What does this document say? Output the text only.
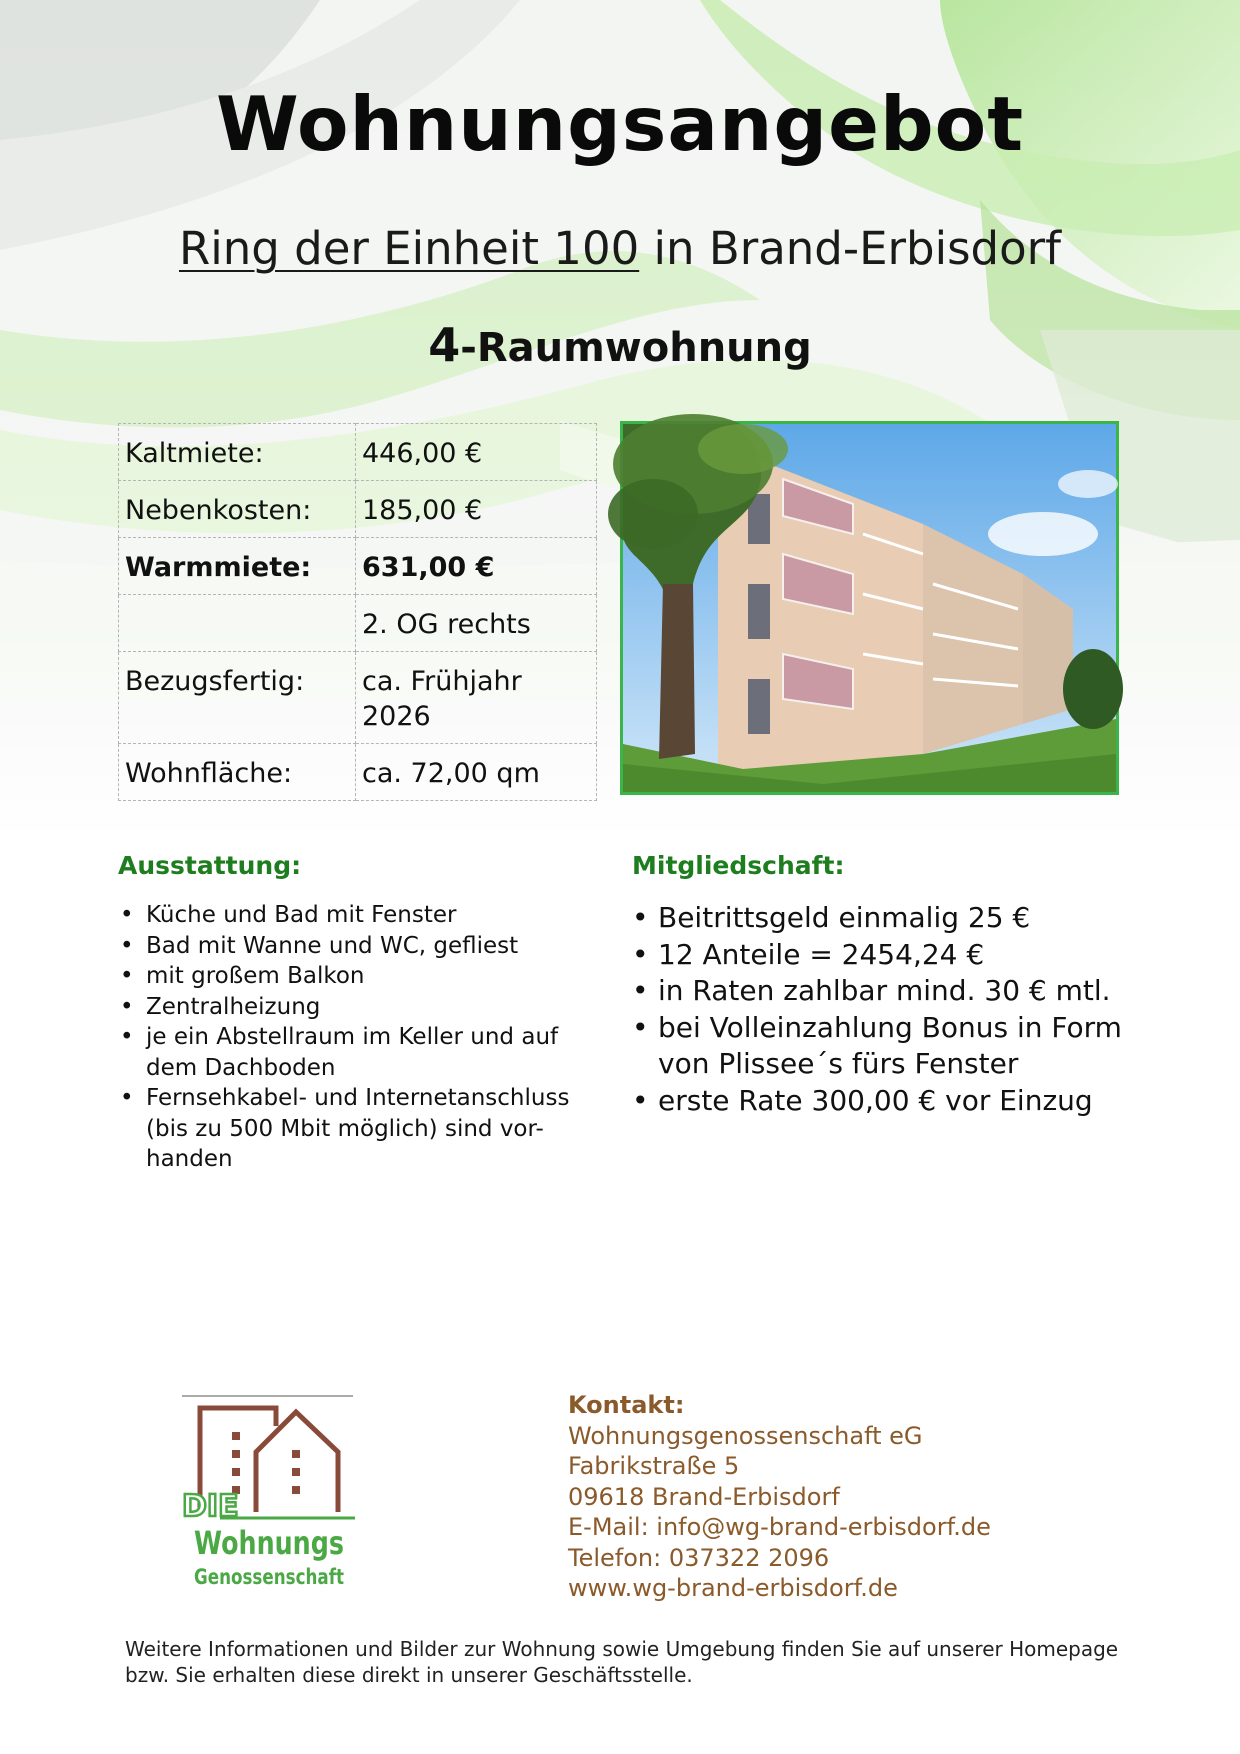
Wohnungsangebot
Ring der Einheit 100 in Brand-Erbisdorf
4-Raumwohnung
Kaltmiete:	446,00 €
Nebenkosten:	185,00 €
Warmmiete:	631,00 €
	2. OG rechts
Bezugsfertig:	ca. Frühjahr 2026
Wohnfläche:	ca. 72,00 qm
Ausstattung:
• Küche und Bad mit Fenster
• Bad mit Wanne und WC, gefliest
• mit großem Balkon
• Zentralheizung
• je ein Abstellraum im Keller und auf dem Dachboden
• Fernsehkabel- und Internetanschluss (bis zu 500 Mbit möglich) sind vor-handen
Mitgliedschaft:
• Beitrittsgeld einmalig 25 €
• 12 Anteile = 2454,24 €
• in Raten zahlbar mind. 30 € mtl.
• bei Volleinzahlung Bonus in Form von Plissee´s fürs Fenster
• erste Rate 300,00 € vor Einzug
DIE
Wohnungs
Genossenschaft
Kontakt:
Wohnungsgenossenschaft eG
Fabrikstraße 5
09618 Brand-Erbisdorf
E-Mail: info@wg-brand-erbisdorf.de
Telefon: 037322 2096
www.wg-brand-erbisdorf.de
Weitere Informationen und Bilder zur Wohnung sowie Umgebung finden Sie auf unserer Homepage
bzw. Sie erhalten diese direkt in unserer Geschäftsstelle.
